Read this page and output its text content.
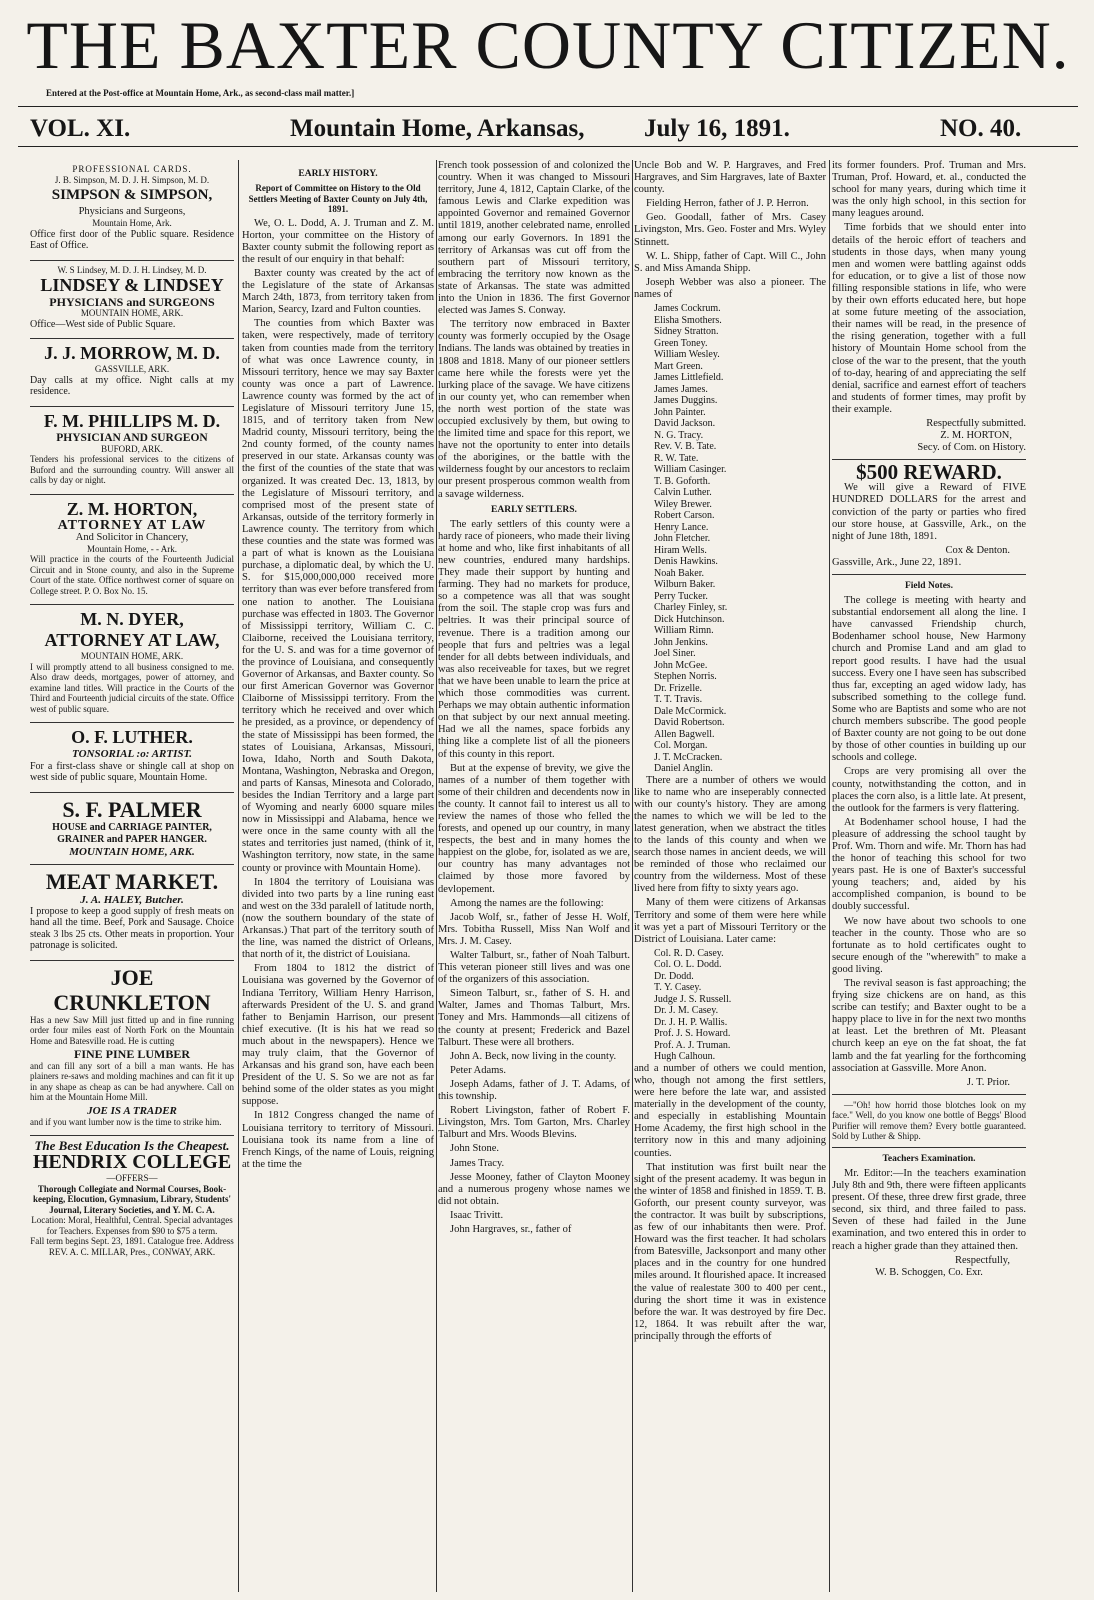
THE BAXTER COUNTY CITIZEN.
Entered at the Post-office at Mountain Home, Ark., as second-class mail matter.]
VOL. XI.	Mountain Home, Arkansas, July 16, 1891.	NO. 40.
PROFESSIONAL CARDS.
J. B. Simpson, M. D. J. H. Simpson, M. D.
SIMPSON & SIMPSON,
Physicians and Surgeons,
Mountain Home, Ark.

Office first door of the Public square. Residence East of Office.

W. S Lindsey, M. D. J. H. Lindsey, M. D.
LINDSEY & LINDSEY
PHYSICIANS and SURGEONS
MOUNTAIN HOME, ARK.

Office—West side of Public Square.

J. J. MORROW, M. D.
GASSVILLE, ARK.

Day calls at my office. Night calls at my residence.

F. M. PHILLIPS M. D.
PHYSICIAN AND SURGEON
BUFORD, ARK.

Tenders his professional services to the citizens of Buford and the surrounding country. Will answer all calls by day or night.

Z. M. HORTON,
ATTORNEY AT LAW
And Solicitor in Chancery,
Mountain Home, - - Ark.

Will practice in the courts of the Fourteenth Judicial Circuit and in Stone county, and also in the Supreme Court of the state. Office northwest corner of square on College street. P. O. Box No. 15.

M. N. DYER,
ATTORNEY AT LAW,
MOUNTAIN HOME, ARK.

I will promptly attend to all business consigned to me. Also draw deeds, mortgages, power of attorney, and examine land titles. Will practice in the Courts of the Third and Fourteenth judicial circuits of the state. Office west of public square.

O. F. LUTHER.
TONSORIAL :o: ARTIST.

For a first-class shave or shingle call at shop on west side of public square, Mountain Home.

S. F. PALMER
HOUSE and CARRIAGE PAINTER, GRAINER and PAPER HANGER.
MOUNTAIN HOME, ARK.
MEAT MARKET.
J. A. HALEY, Butcher.

I propose to keep a good supply of fresh meats on hand all the time. Beef, Pork and Sausage. Choice steak 3 lbs 25 cts. Other meats in proportion. Your patronage is solicited.

JOE CRUNKLETON

Has a new Saw Mill just fitted up and in fine running order four miles east of North Fork on the Mountain Home and Batesville road. He is cutting

FINE PINE LUMBER

and can fill any sort of a bill a man wants. He has plainers re-saws and molding machines and can fit it up in any shape as cheap as can be had anywhere. Call on him at the Mountain Home Mill.

JOE IS A TRADER

and if you want lumber now is the time to strike him.

The Best Education Is the Cheapest.
HENDRIX COLLEGE
—OFFERS—
Thorough Collegiate and Normal Courses, Book-keeping, Elocution, Gymnasium, Library, Students' Journal, Literary Societies, and Y. M. C. A.
Location: Moral, Healthful, Central. Special advantages for Teachers. Expenses from $90 to $75 a term.
Fall term begins Sept. 23, 1891. Catalogue free. Address REV. A. C. MILLAR, Pres., CONWAY, ARK.
EARLY HISTORY.
Report of Committee on History to the Old Settlers Meeting of Baxter County on July 4th, 1891.

We, O. L. Dodd, A. J. Truman and Z. M. Horton, your committee on the History of Baxter county submit the following report as the result of our enquiry in that behalf:

Baxter county was created by the act of the Legislature of the state of Arkansas March 24th, 1873, from territory taken from Marion, Searcy, Izard and Fulton counties.

The counties from which Baxter was taken, were respectively, made of territory taken from counties made from the territory of what was once Lawrence county, in Missouri territory, hence we may say Baxter county was once a part of Lawrence. Lawrence county was formed by the act of Legislature of Missouri territory June 15, 1815, and of territory taken from New Madrid county, Missouri territory, being the 2nd county formed, of the county names preserved in our state. Arkansas county was the first of the counties of the state that was organized. It was created Dec. 13, 1813, by the Legislature of Missouri territory, and comprised most of the present state of Arkansas, outside of the territory formerly in Lawrence county. The territory from which these counties and the state was formed was a part of what is known as the Louisiana purchase, a diplomatic deal, by which the U. S. for $15,000,000,000 received more territory than was ever before transfered from one nation to another. The Louisiana purchase was effected in 1803. The Governor of Mississippi territory, William C. C. Claiborne, received the Louisiana territory, for the U. S. and was for a time governor of the province of Louisiana, and consequently Governor of Arkansas, and Baxter county. So our first American Governor was Governor Claiborne of Mississippi territory. From the territory which he received and over which he presided, as a province, or dependency of the state of Mississippi has been formed, the states of Louisiana, Arkansas, Missouri, Iowa, Idaho, North and South Dakota, Montana, Washington, Nebraska and Oregon, and parts of Kansas, Minesota and Colorado, besides the Indian Territory and a large part of Wyoming and nearly 6000 square miles now in Mississippi and Alabama, hence we were once in the same county with all the states and territories just named, (think of it, Washington territory, now state, in the same county or province with Mountain Home).

In 1804 the territory of Louisiana was divided into two parts by a line runing east and west on the 33d paralell of latitude north, (now the southern boundary of the state of Arkansas.) That part of the territory south of the line, was named the district of Orleans, that north of it, the district of Louisiana.

From 1804 to 1812 the district of Louisiana was governed by the Governor of Indiana Territory, William Henry Harrison, afterwards President of the U. S. and grand father to Benjamin Harrison, our present chief executive. (It is his hat we read so much about in the newspapers). Hence we may truly claim, that the Governor of Arkansas and his grand son, have each been President of the U. S. So we are not as far behind some of the older states as you might suppose.

In 1812 Congress changed the name of Louisiana territory to territory of Missouri. Louisiana took its name from a line of French Kings, of the name of Louis, reigning at the time the

French took possession of and colonized the country. When it was changed to Missouri territory, June 4, 1812, Captain Clarke, of the famous Lewis and Clarke expedition was appointed Governor and remained Governor until 1819, another celebrated name, enrolled among our early Governors. In 1891 the territory of Arkansas was cut off from the southern part of Missouri territory, embracing the territory now known as the state of Arkansas. The state was admitted into the Union in 1836. The first Governor elected was James S. Conway.

The territory now embraced in Baxter county was formerly occupied by the Osage Indians. The lands was obtained by treaties in 1808 and 1818. Many of our pioneer settlers came here while the forests were yet the lurking place of the savage. We have citizens in our county yet, who can remember when the north west portion of the state was occupied exclusively by them, but owing to the limited time and space for this report, we have not the oportunity to enter into details of the aborigines, or the battle with the wilderness fought by our ancestors to reclaim our present prosperous common wealth from a savage wilderness.

EARLY SETTLERS.

The early settlers of this county were a hardy race of pioneers, who made their living at home and who, like first inhabitants of all new countries, endured many hardships. They made their support by hunting and farming. They had no markets for produce, so a competence was all that was sought from the soil. The staple crop was furs and peltries. It was their principal source of revenue. There is a tradition among our people that furs and peltries was a legal tender for all debts between individuals, and was also receiveable for taxes, but we regret that we have been unable to learn the price at which those commodities was current. Perhaps we may obtain authentic information on that subject by our next annual meeting. Had we all the names, space forbids any thing like a complete list of all the pioneers of this county in this report.

But at the expense of brevity, we give the names of a number of them together with some of their children and decendents now in the county. It cannot fail to interest us all to review the names of those who felled the forests, and opened up our country, in many respects, the best and in many homes the happiest on the globe, for, isolated as we are, our country has many advantages not claimed by those more favored by devlopement.

Among the names are the following:

Jacob Wolf, sr., father of Jesse H. Wolf, Mrs. Tobitha Russell, Miss Nan Wolf and Mrs. J. M. Casey.

Walter Talburt, sr., father of Noah Talburt. This veteran pioneer still lives and was one of the organizers of this association.

Simeon Talburt, sr., father of S. H. and Walter, James and Thomas Talburt, Mrs. Toney and Mrs. Hammonds—all citizens of the county at present; Frederick and Bazel Talburt. These were all brothers.

John A. Beck, now living in the county.

Peter Adams.

Joseph Adams, father of J. T. Adams, of this township.

Robert Livingston, father of Robert F. Livingston, Mrs. Tom Garton, Mrs. Charley Talburt and Mrs. Woods Blevins.

John Stone.

James Tracy.

Jesse Mooney, father of Clayton Mooney and a numerous progeny whose names we did not obtain.

Isaac Trivitt.

John Hargraves, sr., father of

Uncle Bob and W. P. Hargraves, and Fred Hargraves, and Sim Hargraves, late of Baxter county.

Fielding Herron, father of J. P. Herron.

Geo. Goodall, father of Mrs. Casey Livingston, Mrs. Geo. Foster and Mrs. Wyley Stinnett.

W. L. Shipp, father of Capt. Will C., John S. and Miss Amanda Shipp.

Joseph Webber was also a pioneer. The names of

James Cockrum.
Elisha Smothers.
Sidney Stratton.
Green Toney.
William Wesley.
Mart Green.
James Littlefield.
James James.
James Duggins.
John Painter.
David Jackson.
N. G. Tracy.
Rev. V. B. Tate.
R. W. Tate.
William Casinger.
T. B. Goforth.
Calvin Luther.
Wiley Brewer.
Robert Carson.
Henry Lance.
John Fletcher.
Hiram Wells.
Denis Hawkins.
Noah Baker.
Wilburn Baker.
Perry Tucker.
Charley Finley, sr.
Dick Hutchinson.
William Rimn.
John Jenkins.
Joel Siner.
John McGee.
Stephen Norris.
Dr. Frizelle.
T. T. Travis.
Dale McCormick.
David Robertson.
Allen Bagwell.
Col. Morgan.
J. T. McCracken.
Daniel Anglin.

There are a number of others we would like to name who are inseperably connected with our county's history. They are among the names to which we will be led to the latest generation, when we abstract the titles to the lands of this county and when we search those names in ancient deeds, we will be reminded of those who reclaimed our country from the wilderness. Most of these lived here from fifty to sixty years ago.

Many of them were citizens of Arkansas Territory and some of them were here while it was yet a part of Missouri Territory or the District of Louisiana. Later came:

Col. R. D. Casey.
Col. O. L. Dodd.
Dr. Dodd.
T. Y. Casey.
Judge J. S. Russell.
Dr. J. M. Casey.
Dr. J. H. P. Wallis.
Prof. J. S. Howard.
Prof. A. J. Truman.
Hugh Calhoun.

and a number of others we could mention, who, though not among the first settlers, were here before the late war, and assisted materially in the development of the county, and especially in establishing Mountain Home Academy, the first high school in the territory now in this and many adjoining counties.

That institution was first built near the sight of the present academy. It was begun in the winter of 1858 and finished in 1859. T. B. Goforth, our present county surveyor, was the contractor. It was built by subscriptions, as few of our inhabitants then were. Prof. Howard was the first teacher. It had scholars from Batesville, Jacksonport and many other places and in the country for one hundred miles around. It flourished apace. It increased the value of realestate 300 to 400 per cent., during the short time it was in existence before the war. It was destroyed by fire Dec. 12, 1864. It was rebuilt after the war, principally through the efforts of

its former founders. Prof. Truman and Mrs. Truman, Prof. Howard, et. al., conducted the school for many years, during which time it was the only high school, in this section for many leagues around.

Time forbids that we should enter into details of the heroic effort of teachers and students in those days, when many young men and women were battling against odds for education, or to give a list of those now filling responsible stations in life, who were by their own efforts educated here, but hope at some future meeting of the association, their names will be read, in the presence of the rising generation, together with a full history of Mountain Home school from the close of the war to the present, that the youth of to-day, hearing of and appreciating the self denial, sacrifice and earnest effort of teachers and students of former times, may profit by their example.

Respectfully submitted.
Z. M. HORTON,
Secy. of Com. on History.
$500 REWARD.

We will give a Reward of FIVE HUNDRED DOLLARS for the arrest and conviction of the party or parties who fired our store house, at Gassville, Ark., on the night of June 18th, 1891.

Cox & Denton.
Gassville, Ark., June 22, 1891.
Field Notes.

The college is meeting with hearty and substantial endorsement all along the line. I have canvassed Friendship church, Bodenhamer school house, New Harmony church and Promise Land and am glad to report good results. I have had the usual success. Every one I have seen has subscribed thus far, excepting an aged widow lady, has subscribed something to the college fund. Some who are Baptists and some who are not church members subscribe. The good people of Baxter county are not going to be out done by those of other counties in building up our schools and college.

Crops are very promising all over the county, notwithstanding the cotton, and in places the corn also, is a little late. At present, the outlook for the farmers is very flattering.

At Bodenhamer school house, I had the pleasure of addressing the school taught by Prof. Wm. Thorn and wife. Mr. Thorn has had the honor of teaching this school for two years past. He is one of Baxter's successful young teachers; and, aided by his accomplished companion, is bound to be doubly successful.

We now have about two schools to one teacher in the county. Those who are so fortunate as to hold certificates ought to secure enough of the "wherewith" to make a good living.

The revival season is fast approaching; the frying size chickens are on hand, as this scribe can testify; and Baxter ought to be a happy place to live in for the next two months at least. Let the brethren of Mt. Pleasant church keep an eye on the fat shoat, the fat lamb and the fat yearling for the forthcoming association at Gassville. More Anon.

J. T. Prior.

—"Oh! how horrid those blotches look on my face." Well, do you know one bottle of Beggs' Blood Purifier will remove them? Every bottle guaranteed. Sold by Luther & Shipp.

Teachers Examination.

Mr. Editor:—In the teachers examination July 8th and 9th, there were fifteen applicants present. Of these, three drew first grade, three second, six third, and three failed to pass. Seven of these had failed in the June examination, and two entered this in order to reach a higher grade than they attained then.

Respectfully,
W. B. Schoggen, Co. Exr.
